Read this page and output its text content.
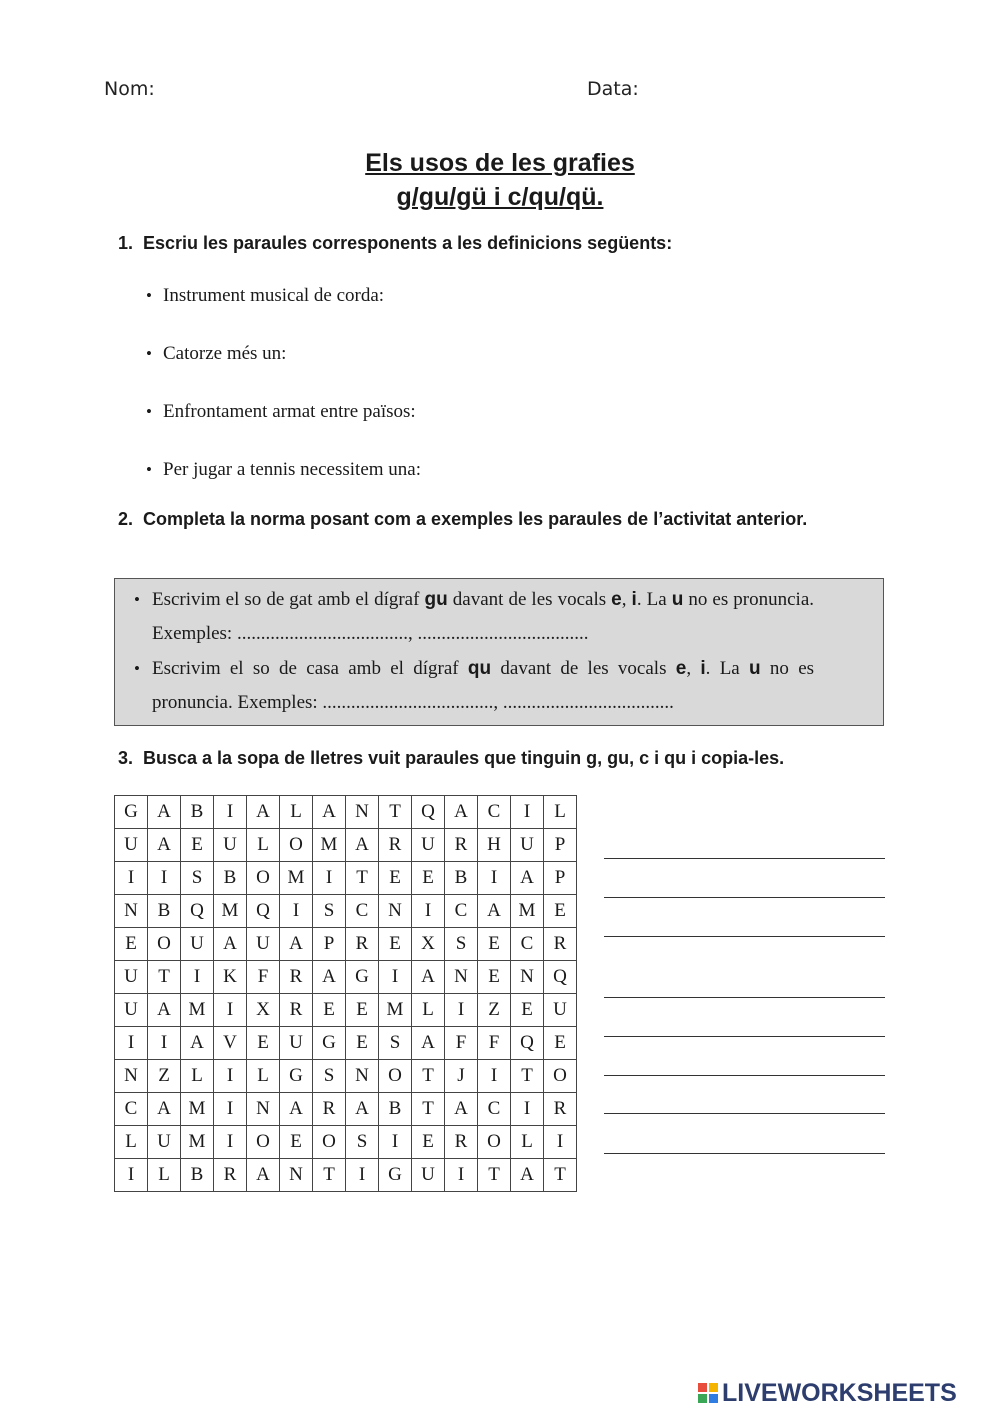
Nom:	Data:
Els usos de les grafies
g/gu/gü i c/qu/qü.
1. Escriu les paraules corresponents a les definicions següents:
• Instrument musical de corda:
• Catorze més un:
• Enfrontament armat entre països:
• Per jugar a tennis necessitem una:
2. Completa la norma posant com a exemples les paraules de l’activitat anterior.
• Escrivim el so de gat amb el dígraf gu davant de les vocals e, i. La u no es pronuncia. Exemples: ...................................., ....................................
• Escrivim el so de casa amb el dígraf qu davant de les vocals e, i. La u no es pronuncia. Exemples: ...................................., ....................................
3. Busca a la sopa de lletres vuit paraules que tinguin g, gu, c i qu i copia-les.
G	A	B	I	A	L	A	N	T	Q	A	C	I	L
U	A	E	U	L	O	M	A	R	U	R	H	U	P
I	I	S	B	O	M	I	T	E	E	B	I	A	P
N	B	Q	M	Q	I	S	C	N	I	C	A	M	E
E	O	U	A	U	A	P	R	E	X	S	E	C	R
U	T	I	K	F	R	A	G	I	A	N	E	N	Q
U	A	M	I	X	R	E	E	M	L	I	Z	E	U
I	I	A	V	E	U	G	E	S	A	F	F	Q	E
N	Z	L	I	L	G	S	N	O	T	J	I	T	O
C	A	M	I	N	A	R	A	B	T	A	C	I	R
L	U	M	I	O	E	O	S	I	E	R	O	L	I
I	L	B	R	A	N	T	I	G	U	I	T	A	T
LIVEWORKSHEETS
